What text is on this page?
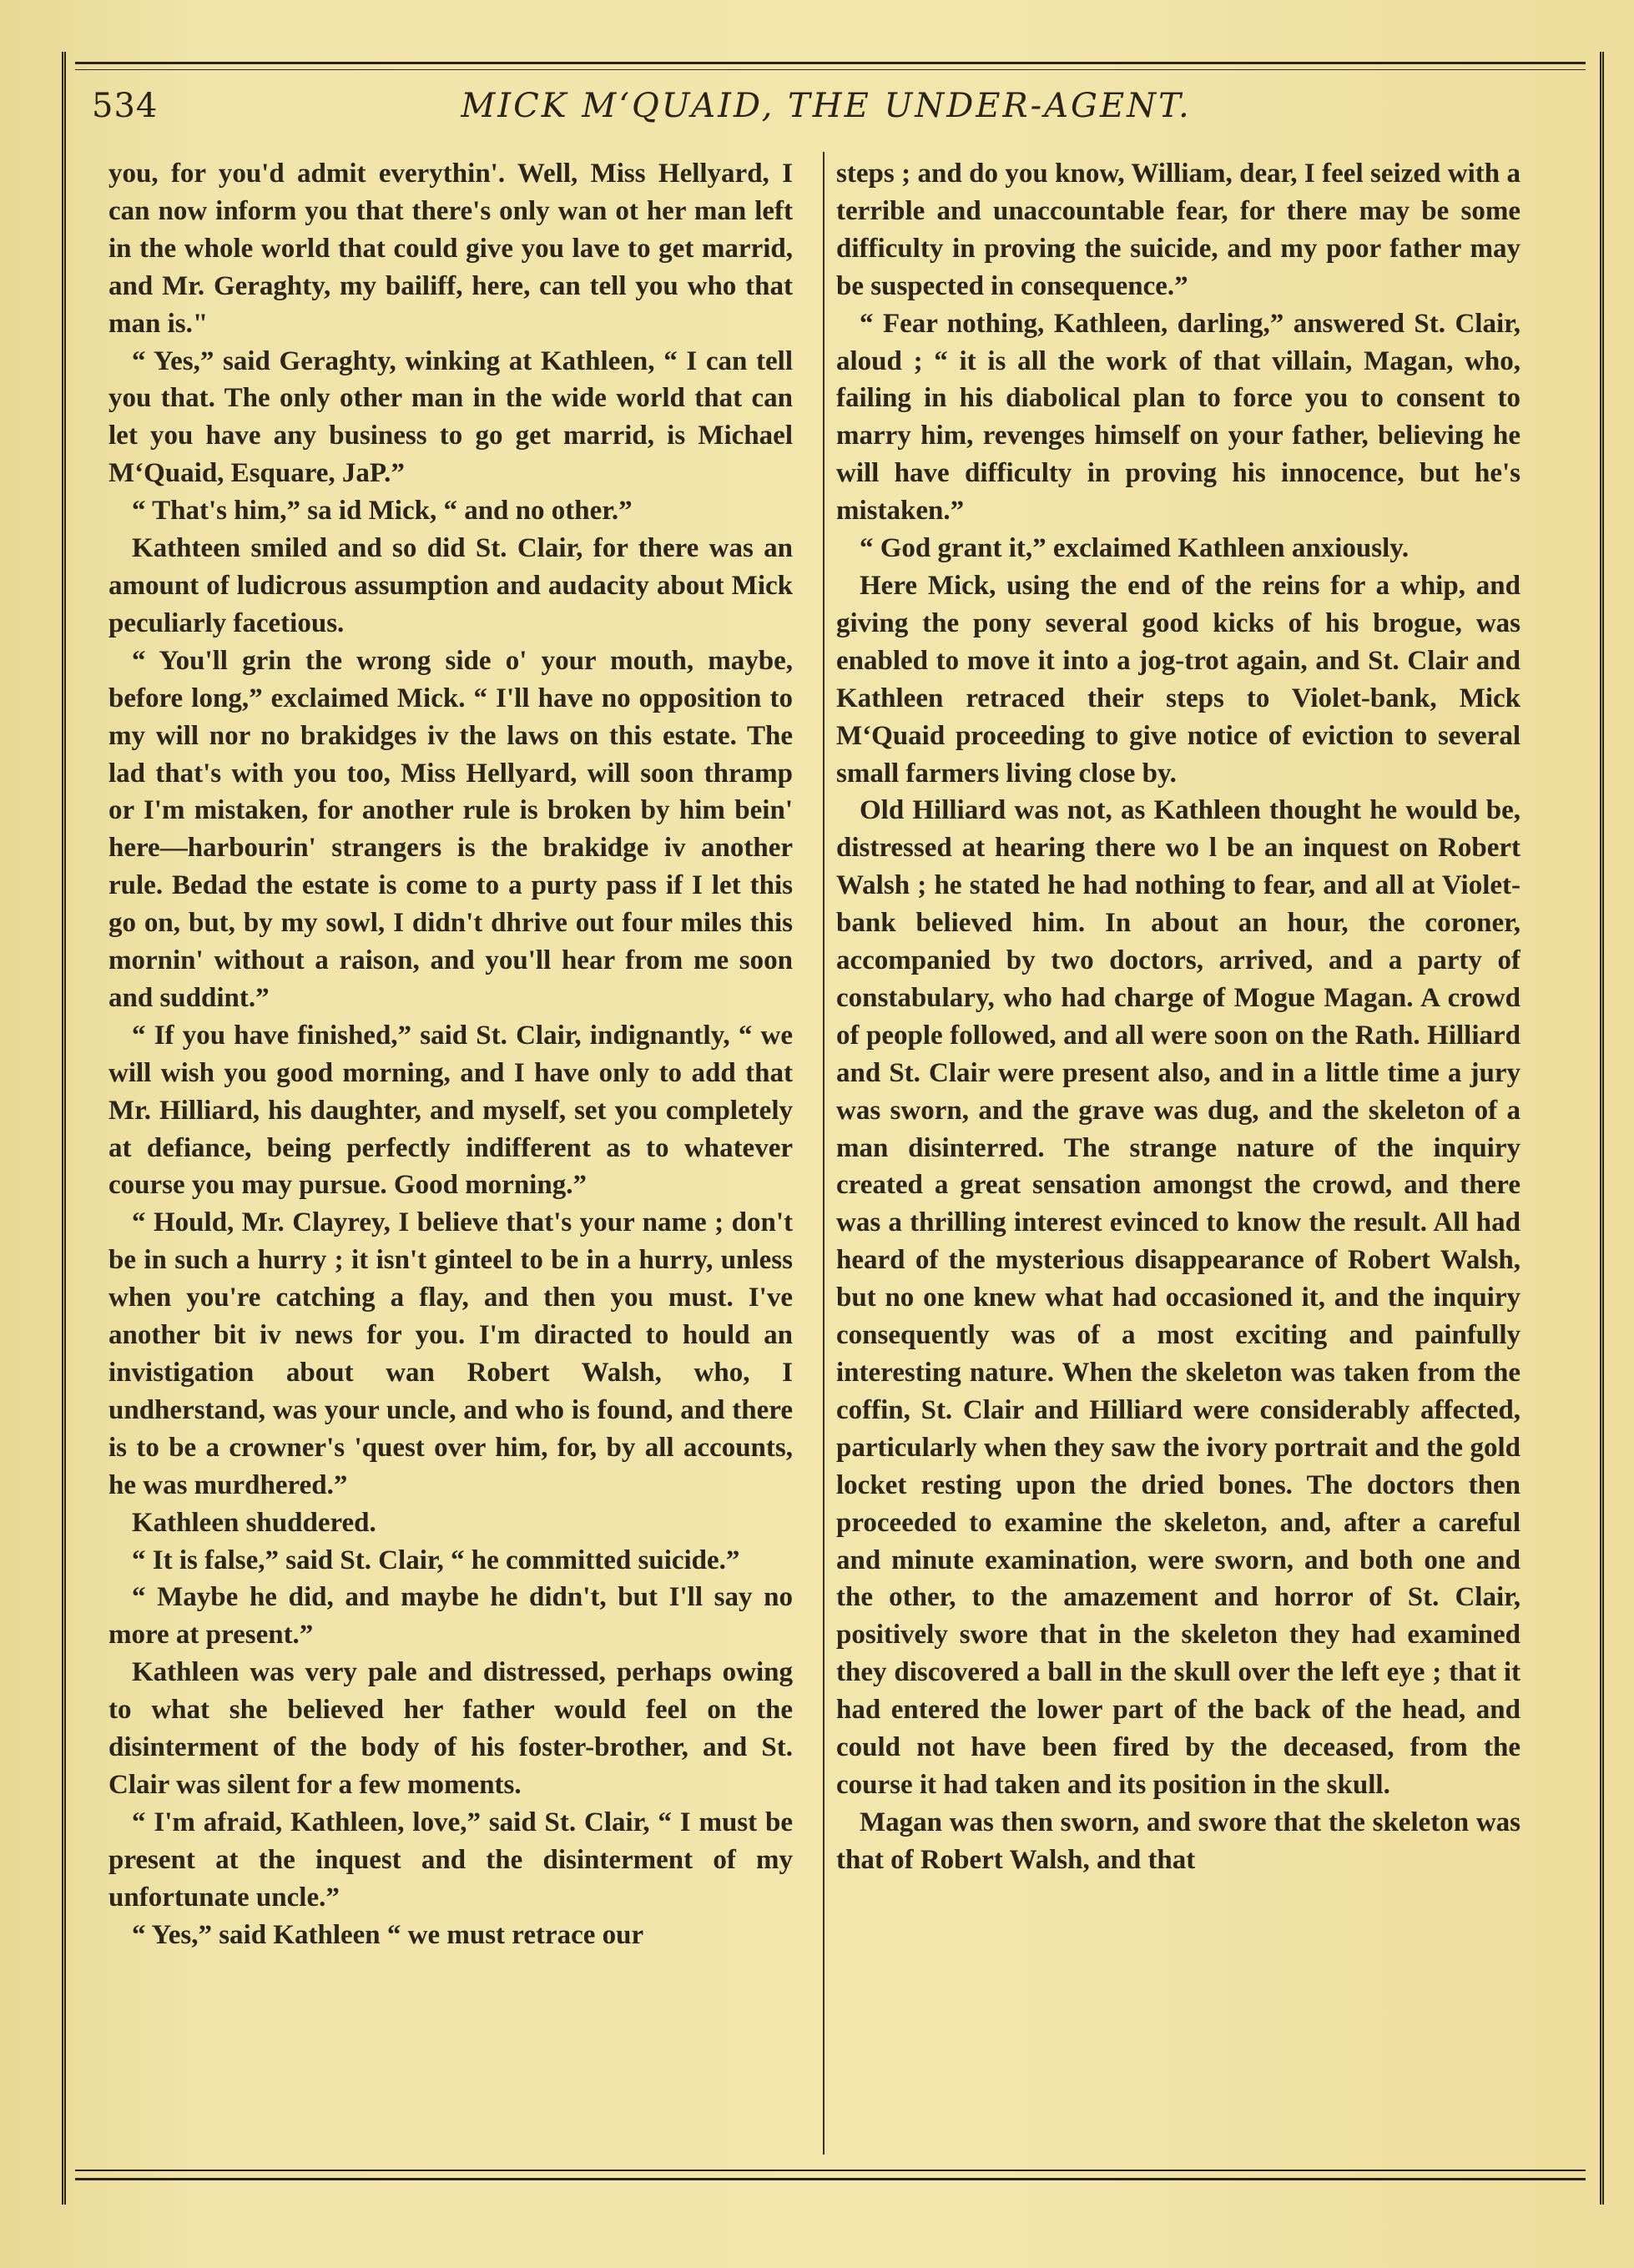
534	MICK M‘QUAID, THE UNDER-AGENT.

you, for you'd admit everythin'. Well, Miss Hellyard, I can now inform you that there's only wan ot her man left in the whole world that could give you lave to get marrid, and Mr. Geraghty, my bailiff, here, can tell you who that man is."

“ Yes,” said Geraghty, winking at Kathleen, “ I can tell you that. The only other man in the wide world that can let you have any business to go get marrid, is Michael M‘Quaid, Esquare, JaP.”

“ That's him,” sa id Mick, “ and no other.”

Kathteen smiled and so did St. Clair, for there was an amount of ludicrous assumption and audacity about Mick peculiarly facetious.

“ You'll grin the wrong side o' your mouth, maybe, before long,” exclaimed Mick. “ I'll have no opposition to my will nor no brakidges iv the laws on this estate. The lad that's with you too, Miss Hellyard, will soon thramp or I'm mistaken, for another rule is broken by him bein' here—harbourin' strangers is the brakidge iv another rule. Bedad the estate is come to a purty pass if I let this go on, but, by my sowl, I didn't dhrive out four miles this mornin' without a raison, and you'll hear from me soon and suddint.”

“ If you have finished,” said St. Clair, indignantly, “ we will wish you good morning, and I have only to add that Mr. Hilliard, his daughter, and myself, set you completely at defiance, being perfectly indifferent as to whatever course you may pursue. Good morning.”

“ Hould, Mr. Clayrey, I believe that's your name ; don't be in such a hurry ; it isn't ginteel to be in a hurry, unless when you're catching a flay, and then you must. I've another bit iv news for you. I'm diracted to hould an invistigation about wan Robert Walsh, who, I undherstand, was your uncle, and who is found, and there is to be a crowner's 'quest over him, for, by all accounts, he was murdhered.”

Kathleen shuddered.

“ It is false,” said St. Clair, “ he committed suicide.”

“ Maybe he did, and maybe he didn't, but I'll say no more at present.”

Kathleen was very pale and distressed, perhaps owing to what she believed her father would feel on the disinterment of the body of his foster-brother, and St. Clair was silent for a few moments.

“ I'm afraid, Kathleen, love,” said St. Clair, “ I must be present at the inquest and the disinterment of my unfortunate uncle.”

“ Yes,” said Kathleen “ we must retrace our

steps ; and do you know, William, dear, I feel seized with a terrible and unaccountable fear, for there may be some difficulty in proving the suicide, and my poor father may be suspected in consequence.”

“ Fear nothing, Kathleen, darling,” answered St. Clair, aloud ; “ it is all the work of that villain, Magan, who, failing in his diabolical plan to force you to consent to marry him, revenges himself on your father, believing he will have difficulty in proving his innocence, but he's mistaken.”

“ God grant it,” exclaimed Kathleen anxiously.

Here Mick, using the end of the reins for a whip, and giving the pony several good kicks of his brogue, was enabled to move it into a jog-trot again, and St. Clair and Kathleen retraced their steps to Violet-bank, Mick M‘Quaid proceeding to give notice of eviction to several small farmers living close by.

Old Hilliard was not, as Kathleen thought he would be, distressed at hearing there wo l be an inquest on Robert Walsh ; he stated he had nothing to fear, and all at Violet-bank believed him. In about an hour, the coroner, accompanied by two doctors, arrived, and a party of constabulary, who had charge of Mogue Magan. A crowd of people followed, and all were soon on the Rath. Hilliard and St. Clair were present also, and in a little time a jury was sworn, and the grave was dug, and the skeleton of a man disinterred. The strange nature of the inquiry created a great sensation amongst the crowd, and there was a thrilling interest evinced to know the result. All had heard of the mysterious disappearance of Robert Walsh, but no one knew what had occasioned it, and the inquiry consequently was of a most exciting and painfully interesting nature. When the skeleton was taken from the coffin, St. Clair and Hilliard were considerably affected, particularly when they saw the ivory portrait and the gold locket resting upon the dried bones. The doctors then proceeded to examine the skeleton, and, after a careful and minute examination, were sworn, and both one and the other, to the amazement and horror of St. Clair, positively swore that in the skeleton they had examined they discovered a ball in the skull over the left eye ; that it had entered the lower part of the back of the head, and could not have been fired by the deceased, from the course it had taken and its position in the skull.

Magan was then sworn, and swore that the skeleton was that of Robert Walsh, and that
